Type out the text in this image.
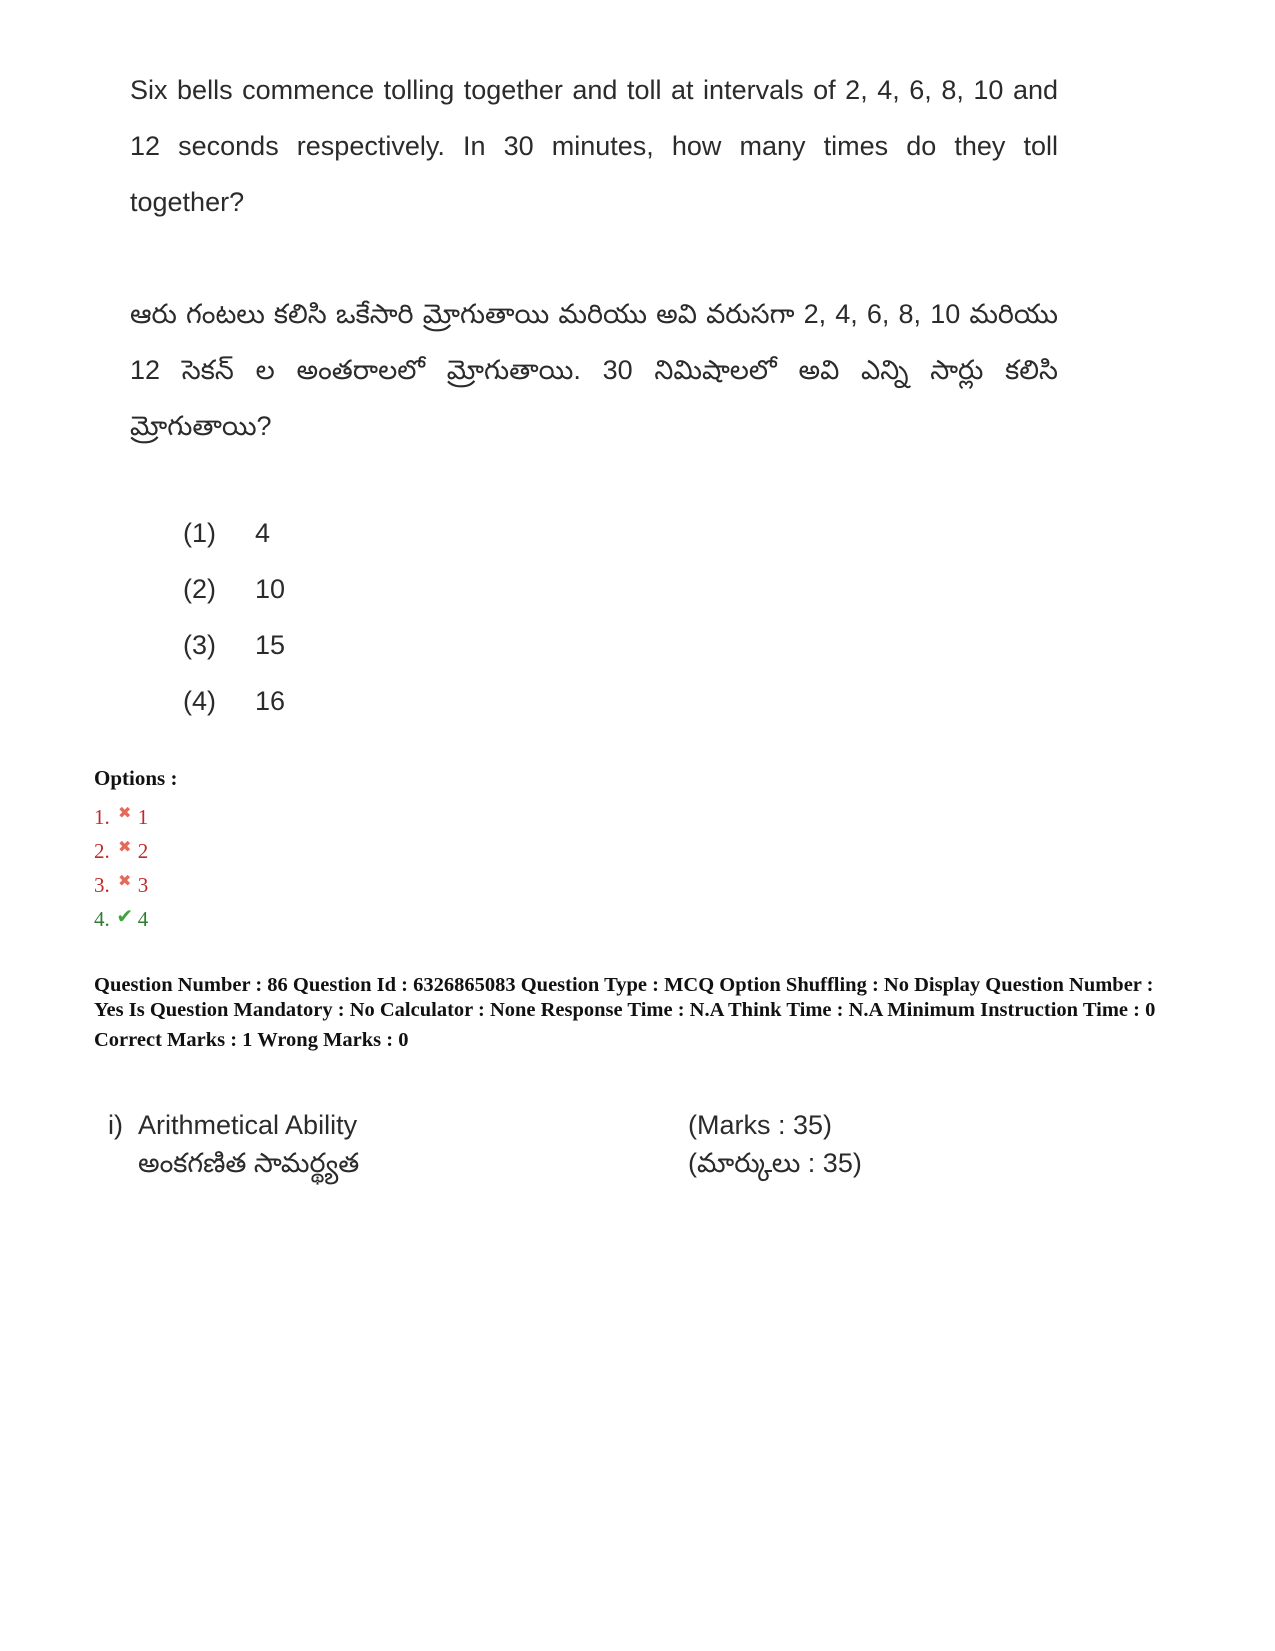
Six bells commence tolling together and toll at intervals of 2, 4, 6, 8, 10 and 12 seconds respectively. In 30 minutes, how many times do they toll together?

ఆరు గంటలు కలిసి ఒకేసారి మ్రోగుతాయి మరియు అవి వరుసగా 2, 4, 6, 8, 10 మరియు 12 సెకన్ ల అంతరాలలో మ్రోగుతాయి. 30 నిమిషాలలో అవి ఎన్ని సార్లు కలిసి మ్రోగుతాయి?

(1)	4
(2)	10
(3)	15
(4)	16
Options :
1. ✖ 1
2. ✖ 2
3. ✖ 3
4. ✔ 4

Question Number : 86 Question Id : 6326865083 Question Type : MCQ Option Shuffling : No Display Question Number : Yes Is Question Mandatory : No Calculator : None Response Time : N.A Think Time : N.A Minimum Instruction Time : 0

Correct Marks : 1 Wrong Marks : 0

i) Arithmetical Ability	(Marks : 35)
అంకగణిత సామర్థ్యత	(మార్కులు : 35)
